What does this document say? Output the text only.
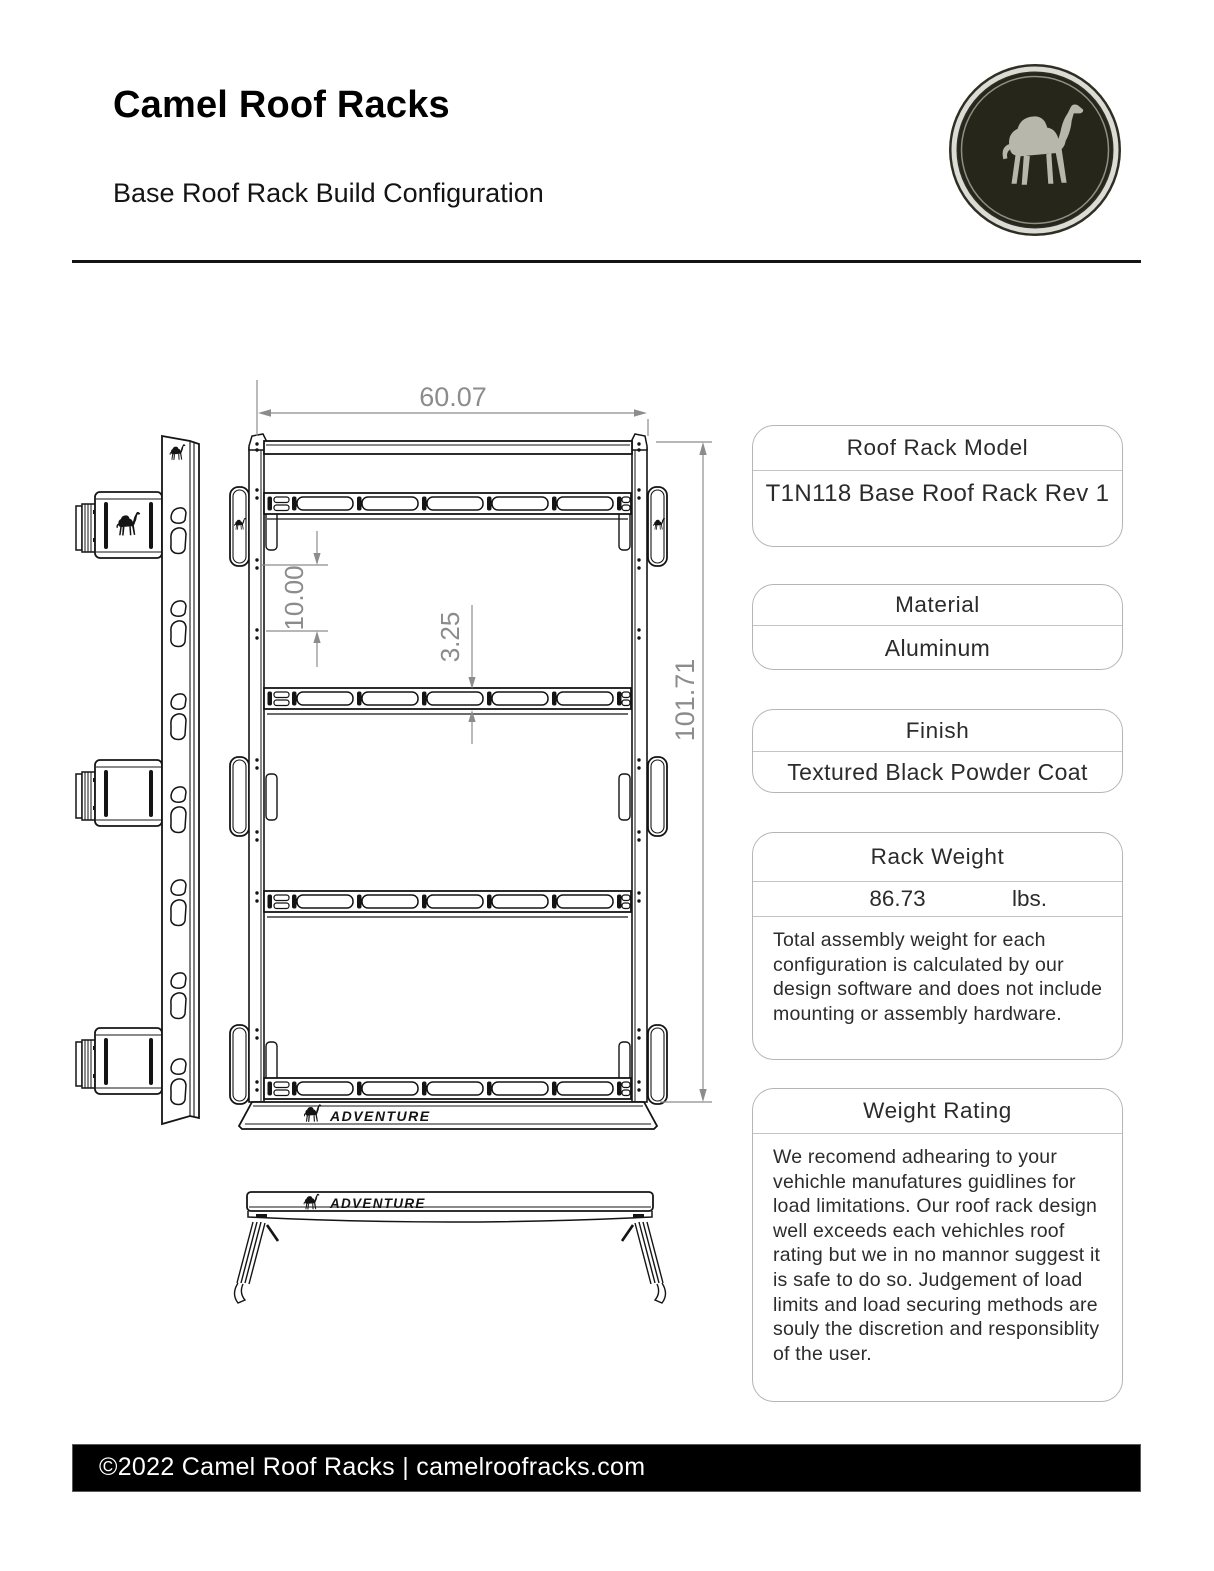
Camel Roof Racks
Base Roof Rack Build Configuration
ADVENTURE
ADVENTURE
60.07
101.71
10.00
3.25
Roof Rack Model
T1N118 Base Roof Rack Rev 1
Material
Aluminum
Finish
Textured Black Powder Coat
Rack Weight
86.73	lbs.
Total assembly weight for each configuration is calculated by our design software and does not include mounting or assembly hardware.
Weight Rating
We recomend adhearing to your vehichle manufatures guidlines for load limitations. Our roof rack design well exceeds each vehichles roof rating but we in no mannor suggest it is safe to do so. Judgement of load limits and load securing methods are souly the discretion and responsiblity of the user.
©2022 Camel Roof Racks | camelroofracks.com
